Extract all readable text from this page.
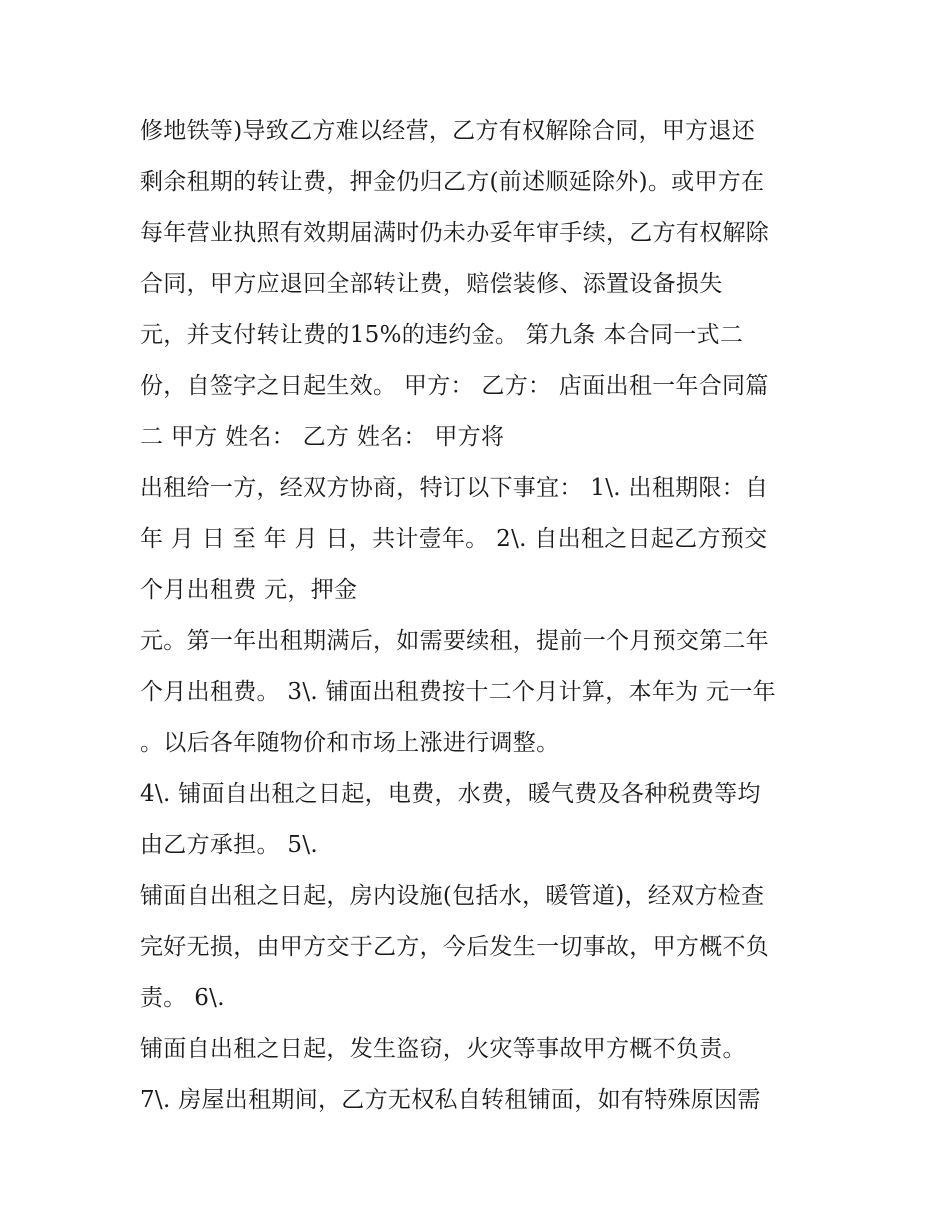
修地铁等)导致乙方难以经营，乙方有权解除合同，甲方退还
剩余租期的转让费，押金仍归乙方(前述顺延除外)。或甲方在
每年营业执照有效期届满时仍未办妥年审手续，乙方有权解除
合同，甲方应退回全部转让费，赔偿装修、添置设备损失
元，并支付转让费的15%的违约金。 第九条 本合同一式二
份，自签字之日起生效。 甲方： 乙方： 店面出租一年合同篇
二 甲方 姓名： 乙方 姓名： 甲方将
出租给一方，经双方协商，特订以下事宜： 1\. 出租期限：自
年 月 日 至 年 月 日，共计壹年。 2\. 自出租之日起乙方预交
个月出租费 元，押金
元。第一年出租期满后，如需要续租，提前一个月预交第二年
个月出租费。 3\. 铺面出租费按十二个月计算，本年为 元一年
。以后各年随物价和市场上涨进行调整。
4\. 铺面自出租之日起，电费，水费，暖气费及各种税费等均
由乙方承担。 5\.
铺面自出租之日起，房内设施(包括水，暖管道)，经双方检查
完好无损，由甲方交于乙方，今后发生一切事故，甲方概不负
责。 6\.
铺面自出租之日起，发生盗窃，火灾等事故甲方概不负责。
7\. 房屋出租期间，乙方无权私自转租铺面，如有特殊原因需
